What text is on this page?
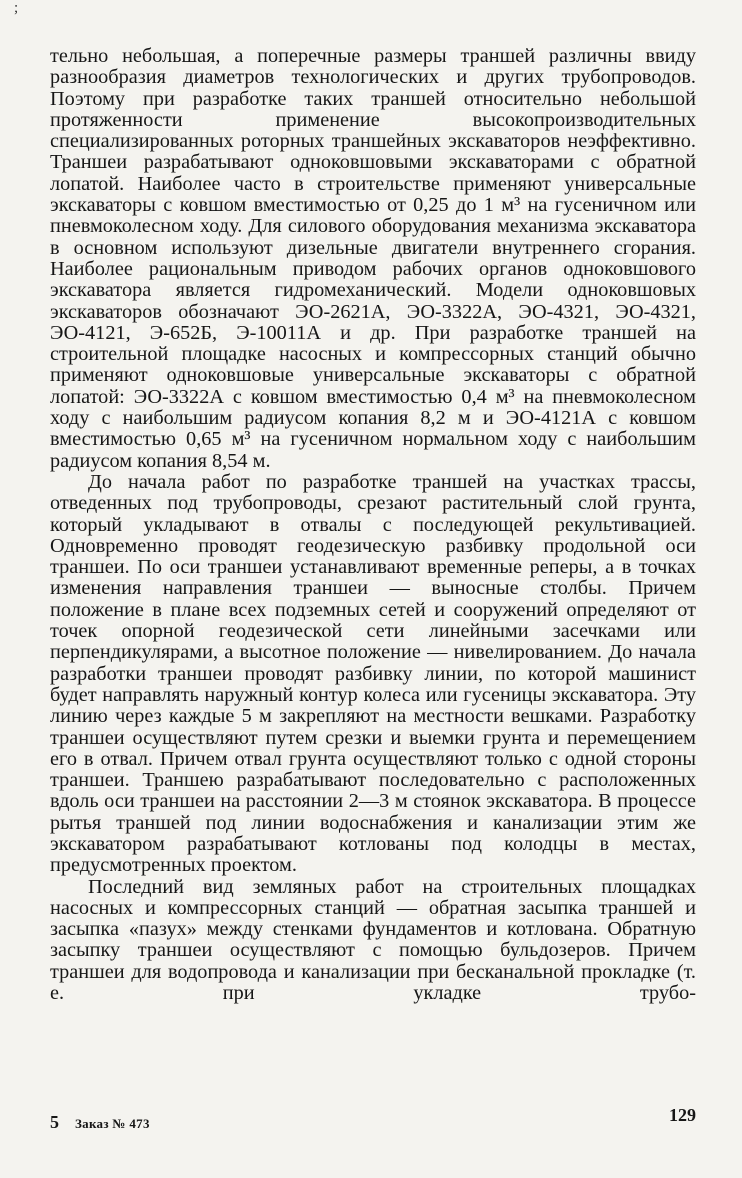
;

тельно небольшая, а поперечные размеры траншей различны ввиду разнообразия диаметров технологических и других трубопроводов. Поэтому при разработке таких траншей относительно небольшой протяженности применение высокопроизводительных специализированных роторных траншейных экскаваторов неэффективно. Траншеи разрабатывают одноковшовыми экскаваторами с обратной лопатой. Наиболее часто в строительстве применяют универсальные экскаваторы с ковшом вместимостью от 0,25 до 1 м³ на гусеничном или пневмоколесном ходу. Для силового оборудования механизма экскаватора в основном используют дизельные двигатели внутреннего сгорания. Наиболее рациональным приводом рабочих органов одноковшового экскаватора является гидромеханический. Модели одноковшовых экскаваторов обозначают ЭО-2621А, ЭО-3322А, ЭО-4321, ЭО-4321, ЭО-4121, Э-652Б, Э-10011А и др. При разработке траншей на строительной площадке насосных и компрессорных станций обычно применяют одноковшовые универсальные экскаваторы с обратной лопатой: ЭО-3322А с ковшом вместимостью 0,4 м³ на пневмоколесном ходу с наибольшим радиусом копания 8,2 м и ЭО-4121А с ковшом вместимостью 0,65 м³ на гусеничном нормальном ходу с наибольшим радиусом копания 8,54 м.

До начала работ по разработке траншей на участках трассы, отведенных под трубопроводы, срезают растительный слой грунта, который укладывают в отвалы с последующей рекультивацией. Одновременно проводят геодезическую разбивку продольной оси траншеи. По оси траншеи устанавливают временные реперы, а в точках изменения направления траншеи — выносные столбы. Причем положение в плане всех подземных сетей и сооружений определяют от точек опорной геодезической сети линейными засечками или перпендикулярами, а высотное положение — нивелированием. До начала разработки траншеи проводят разбивку линии, по которой машинист будет направлять наружный контур колеса или гусеницы экскаватора. Эту линию через каждые 5 м закрепляют на местности вешками. Разработку траншеи осуществляют путем срезки и выемки грунта и перемещением его в отвал. Причем отвал грунта осуществляют только с одной стороны траншеи. Траншею разрабатывают последовательно с расположенных вдоль оси траншеи на расстоянии 2—3 м стоянок экскаватора. В процессе рытья траншей под линии водоснабжения и канализации этим же экскаватором разрабатывают котлованы под колодцы в местах, предусмотренных проектом.

Последний вид земляных работ на строительных площадках насосных и компрессорных станций — обратная засыпка траншей и засыпка «пазух» между стенками фундаментов и котлована. Обратную засыпку траншеи осуществляют с помощью бульдозеров. Причем траншеи для водопровода и канализации при бесканальной прокладке (т. е. при укладке трубо-

5 Заказ № 473	129
